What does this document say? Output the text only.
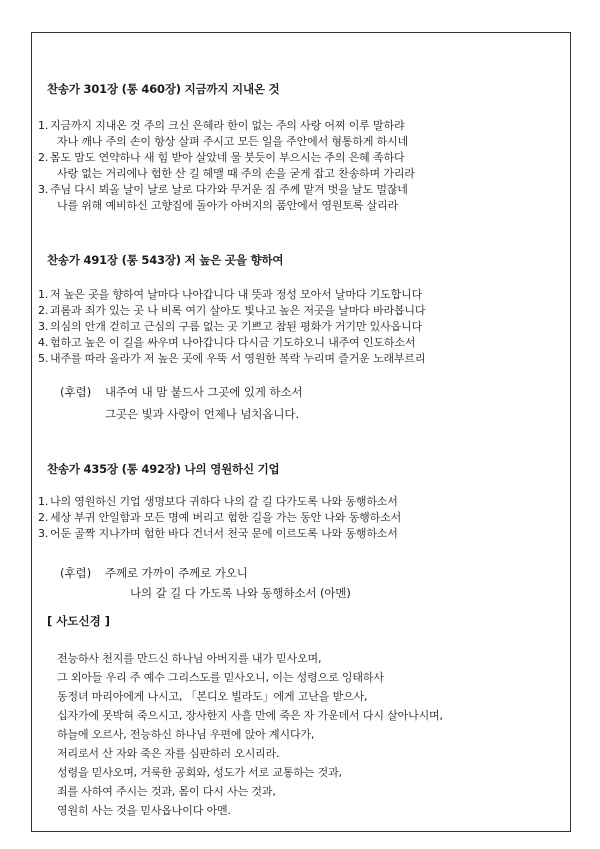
찬송가 301장 (통 460장) 지금까지 지내온 것
1. 지금까지 지내온 것 주의 크신 은혜라 한이 없는 주의 사랑 어찌 이루 말하랴
자나 깨나 주의 손이 항상 살펴 주시고 모든 일을 주안에서 형통하게 하시네
2. 몸도 맘도 연약하나 새 힘 받아 살았네 물 붓듯이 부으시는 주의 은혜 족하다
사랑 없는 거리에나 험한 산 길 헤맬 때 주의 손을 굳게 잡고 찬송하며 가리라
3. 주님 다시 뵈올 날이 날로 날로 다가와 무거운 짐 주께 맡겨 벗을 날도 멀잖네
나를 위해 예비하신 고향집에 돌아가 아버지의 품안에서 영원토록 살리라
찬송가 491장 (통 543장) 저 높은 곳을 향하여
1. 저 높은 곳을 향하여 날마다 나아갑니다 내 뜻과 정성 모아서 날마다 기도합니다
2. 괴롬과 죄가 있는 곳 나 비록 여기 살아도 빛나고 높은 저곳을 날마다 바라봅니다
3. 의심의 안개 걷히고 근심의 구름 없는 곳 기쁘고 참된 평화가 거기만 있사옵니다
4. 험하고 높은 이 길을 싸우며 나아갑니다 다시금 기도하오니 내주여 인도하소서
5. 내주를 따라 올라가 저 높은 곳에 우뚝 서 영원한 복락 누리며 즐거운 노래부르리
(후렴) 내주여 내 맘 붙드사 그곳에 있게 하소서
그곳은 빛과 사랑이 언제나 넘치옵니다.
찬송가 435장 (통 492장) 나의 영원하신 기업
1. 나의 영원하신 기업 생명보다 귀하다 나의 갈 길 다가도록 나와 동행하소서
2. 세상 부귀 안일함과 모든 명예 버리고 험한 길을 가는 동안 나와 동행하소서
3. 어둔 골짝 지나가며 험한 바다 건너서 천국 문에 이르도록 나와 동행하소서
(후렴) 주께로 가까이 주께로 가오니
나의 갈 길 다 가도록 나와 동행하소서 (아멘)
[ 사도신경 ]
전능하사 천지를 만드신 하나님 아버지를 내가 믿사오며,
그 외아들 우리 주 예수 그리스도를 믿사오니, 이는 성령으로 잉태하사
동정녀 마리아에게 나시고, 「본디오 빌라도」에게 고난을 받으사,
십자가에 못박혀 죽으시고, 장사한지 사흘 만에 죽은 자 가운데서 다시 살아나시며,
하늘에 오르사, 전능하신 하나님 우편에 앉아 계시다가,
저리로서 산 자와 죽은 자를 심판하러 오시리라.
성령을 믿사오며, 거룩한 공회와, 성도가 서로 교통하는 것과,
죄를 사하여 주시는 것과, 몸이 다시 사는 것과,
영원히 사는 것을 믿사옵나이다 아멘.
